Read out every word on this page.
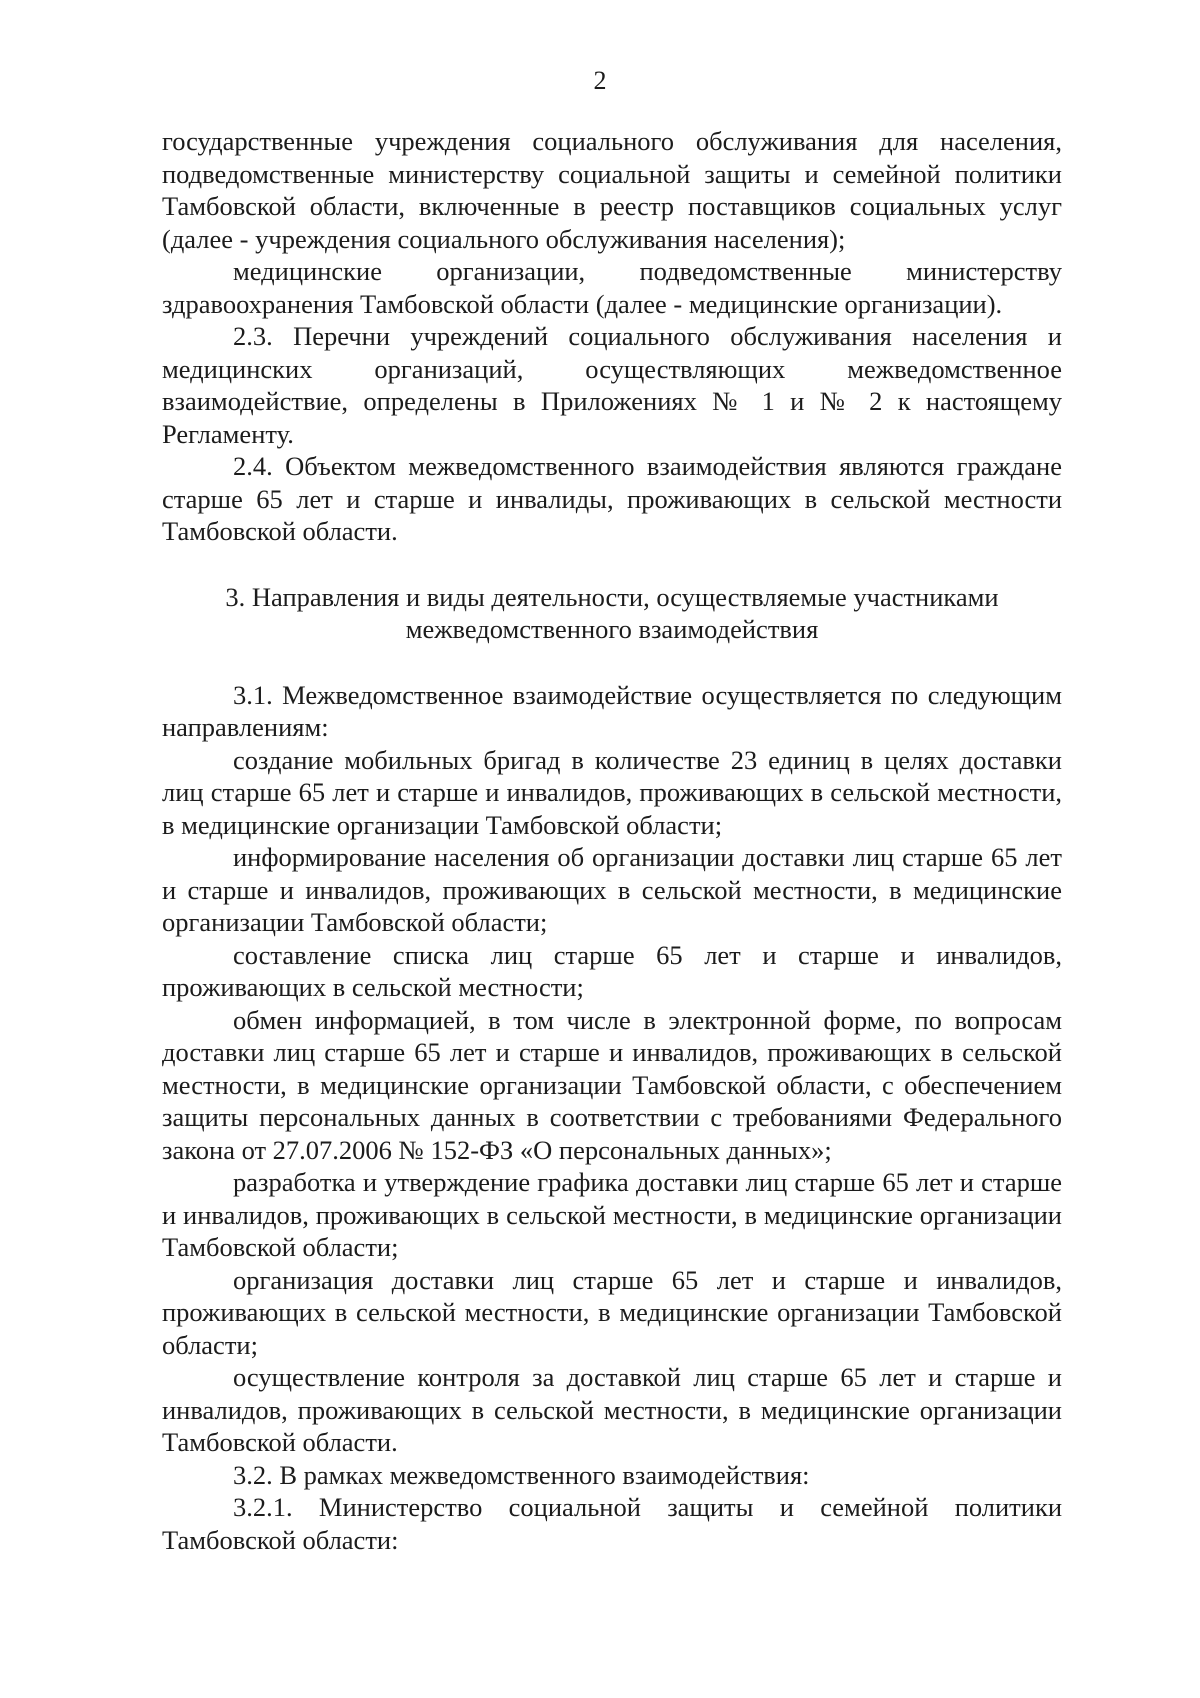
2

государственные учреждения социального обслуживания для населения, подведомственные министерству социальной защиты и семейной политики Тамбовской области, включенные в реестр поставщиков социальных услуг (далее - учреждения социального обслуживания населения);

медицинские организации, подведомственные министерству здравоохранения Тамбовской области (далее - медицинские организации).

2.3. Перечни учреждений социального обслуживания населения и медицинских организаций, осуществляющих межведомственное взаимодействие, определены в Приложениях № 1 и № 2 к настоящему Регламенту.

2.4. Объектом межведомственного взаимодействия являются граждане старше 65 лет и старше и инвалиды, проживающих в сельской местности Тамбовской области.

3. Направления и виды деятельности, осуществляемые участниками

межведомственного взаимодействия

3.1. Межведомственное взаимодействие осуществляется по следующим направлениям:

создание мобильных бригад в количестве 23 единиц в целях доставки лиц старше 65 лет и старше и инвалидов, проживающих в сельской местности, в медицинские организации Тамбовской области;

информирование населения об организации доставки лиц старше 65 лет и старше и инвалидов, проживающих в сельской местности, в медицинские организации Тамбовской области;

составление списка лиц старше 65 лет и старше и инвалидов, проживающих в сельской местности;

обмен информацией, в том числе в электронной форме, по вопросам доставки лиц старше 65 лет и старше и инвалидов, проживающих в сельской местности, в медицинские организации Тамбовской области, с обеспечением защиты персональных данных в соответствии с требованиями Федерального закона от 27.07.2006 № 152-ФЗ «О персональных данных»;

разработка и утверждение графика доставки лиц старше 65 лет и старше и инвалидов, проживающих в сельской местности, в медицинские организации Тамбовской области;

организация доставки лиц старше 65 лет и старше и инвалидов, проживающих в сельской местности, в медицинские организации Тамбовской области;

осуществление контроля за доставкой лиц старше 65 лет и старше и инвалидов, проживающих в сельской местности, в медицинские организации Тамбовской области.

3.2. В рамках межведомственного взаимодействия:

3.2.1. Министерство социальной защиты и семейной политики Тамбовской области:
